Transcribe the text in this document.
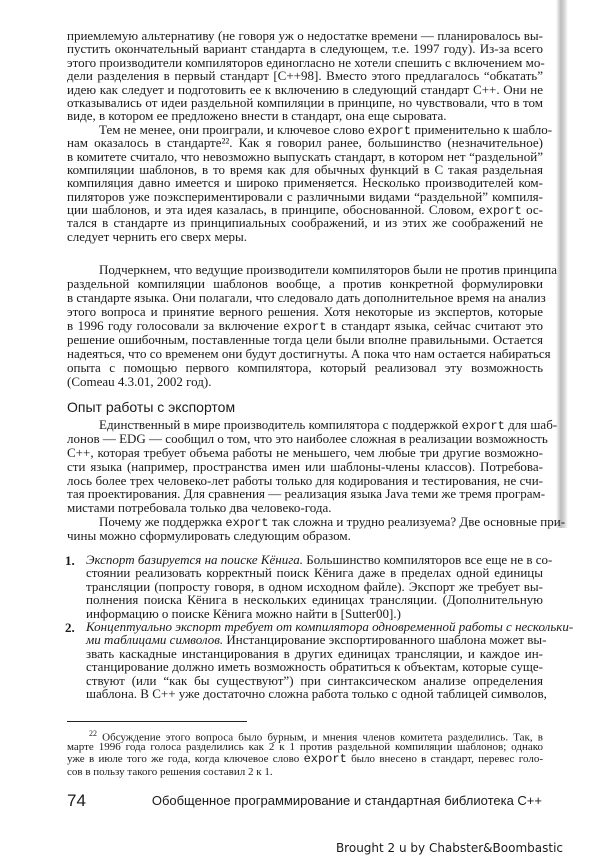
приемлемую альтернативу (не говоря уж о недостатке времени — планировалось вы-
пустить окончательный вариант стандарта в следующем, т.е. 1997 году). Из-за всего
этого производители компиляторов единогласно не хотели спешить с включением мо-
дели разделения в первый стандарт [C++98]. Вместо этого предлагалось “обкатать”
идею как следует и подготовить ее к включению в следующий стандарт C++. Они не
отказывались от идеи раздельной компиляции в принципе, но чувствовали, что в том
виде, в котором ее предложено внести в стандарт, она еще сыровата.
Тем не менее, они проиграли, и ключевое слово export применительно к шабло-
нам оказалось в стандарте²². Как я говорил ранее, большинство (незначительное)
в комитете считало, что невозможно выпускать стандарт, в котором нет “раздельной”
компиляции шаблонов, в то время как для обычных функций в C такая раздельная
компиляция давно имеется и широко применяется. Несколько производителей ком-
пиляторов уже поэкспериментировали с различными видами “раздельной” компиля-
ции шаблонов, и эта идея казалась, в принципе, обоснованной. Словом, export ос-
тался в стандарте из принципиальных соображений, и из этих же соображений не
следует чернить его сверх меры.
Подчеркнем, что ведущие производители компиляторов были не против принципа
раздельной компиляции шаблонов вообще, а против конкретной формулировки
в стандарте языка. Они полагали, что следовало дать дополнительное время на анализ
этого вопроса и принятие верного решения. Хотя некоторые из экспертов, которые
в 1996 году голосовали за включение export в стандарт языка, сейчас считают это
решение ошибочным, поставленные тогда цели были вполне правильными. Остается
надеяться, что со временем они будут достигнуты. А пока что нам остается набираться
опыта с помощью первого компилятора, который реализовал эту возможность
(Comeau 4.3.01, 2002 год).
Опыт работы с экспортом
Единственный в мире производитель компилятора с поддержкой export для шаб-
лонов — EDG — сообщил о том, что это наиболее сложная в реализации возможность
C++, которая требует объема работы не меньшего, чем любые три другие возможно-
сти языка (например, пространства имен или шаблоны-члены классов). Потребова-
лось более трех человеко-лет работы только для кодирования и тестирования, не счи-
тая проектирования. Для сравнения — реализация языка Java теми же тремя програм-
мистами потребовала только два человеко-года.
Почему же поддержка export так сложна и трудно реализуема? Две основные при-
чины можно сформулировать следующим образом.
1. Экспорт базируется на поиске Кёнига. Большинство компиляторов все еще не в со-
стоянии реализовать корректный поиск Кёнига даже в пределах одной единицы
трансляции (попросту говоря, в одном исходном файле). Экспорт же требует вы-
полнения поиска Кёнига в нескольких единицах трансляции. (Дополнительную
информацию о поиске Кёнига можно найти в [Sutter00].)
2. Концептуально экспорт требует от компилятора одновременной работы с нескольки-
ми таблицами символов. Инстанцирование экспортированного шаблона может вы-
звать каскадные инстанцирования в других единицах трансляции, и каждое ин-
станцирование должно иметь возможность обратиться к объектам, которые суще-
ствуют (или “как бы существуют”) при синтаксическом анализе определения
шаблона. В C++ уже достаточно сложна работа только с одной таблицей символов,
$^{22}$ Обсуждение этого вопроса было бурным, и мнения членов комитета разделились. Так, в
марте 1996 года голоса разделились как 2 к 1 против раздельной компиляции шаблонов; однако
уже в июле того же года, когда ключевое слово export было внесено в стандарт, перевес голо-
сов в пользу такого решения составил 2 к 1.
74	Обобщенное программирование и стандартная библиотека C++
Brought 2 u by Chabster&Boombastic
